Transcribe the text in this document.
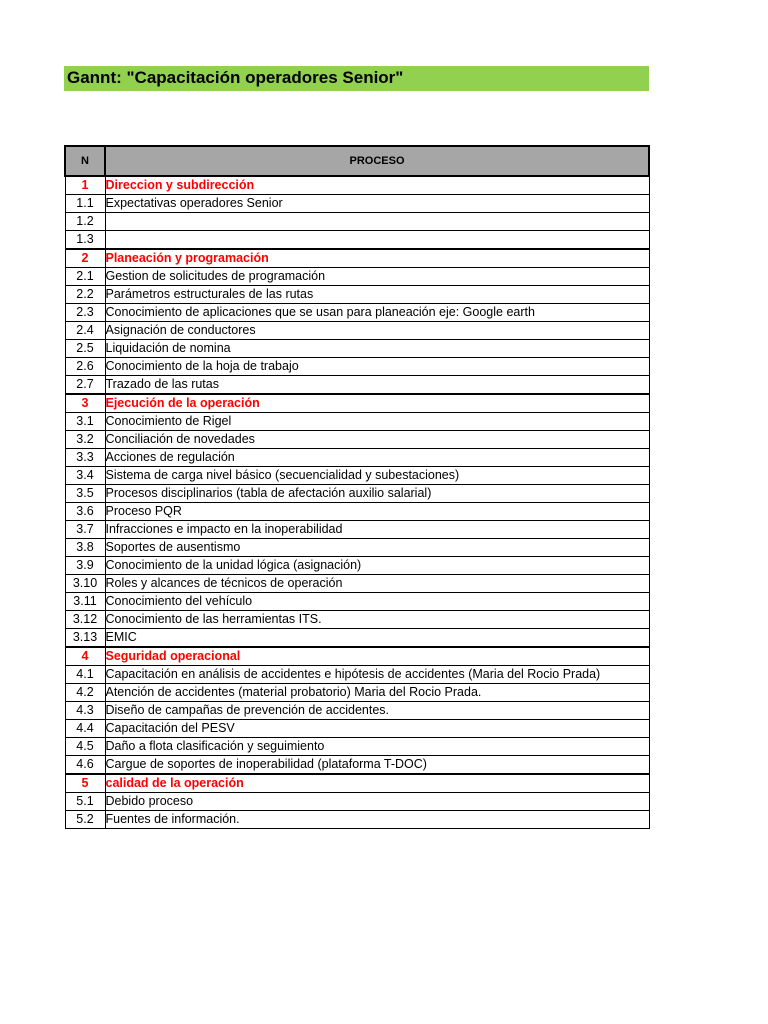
Gannt: "Capacitación operadores Senior"
N	PROCESO
1	Direccion y subdirección
1.1	Expectativas operadores Senior
1.2	
1.3	
2	Planeación y programación
2.1	Gestion de solicitudes de programación
2.2	Parámetros estructurales de las rutas
2.3	Conocimiento de aplicaciones que se usan para planeación eje: Google earth
2.4	Asignación de conductores
2.5	Liquidación de nomina
2.6	Conocimiento de la hoja de trabajo
2.7	Trazado de las rutas
3	Ejecución de la operación
3.1	Conocimiento de Rigel
3.2	Conciliación de novedades
3.3	Acciones de regulación
3.4	Sistema de carga nivel básico (secuencialidad y subestaciones)
3.5	Procesos disciplinarios (tabla de afectación auxilio salarial)
3.6	Proceso PQR
3.7	Infracciones e impacto en la inoperabilidad
3.8	Soportes de ausentismo
3.9	Conocimiento de la unidad lógica (asignación)
3.10	Roles y alcances de técnicos de operación
3.11	Conocimiento del vehículo
3.12	Conocimiento de las herramientas ITS.
3.13	EMIC
4	Seguridad operacional
4.1	Capacitación en análisis de accidentes e hipótesis de accidentes (Maria del Rocio Prada)
4.2	Atención de accidentes (material probatorio) Maria del Rocio Prada.
4.3	Diseño de campañas de prevención de accidentes.
4.4	Capacitación del PESV
4.5	Daño a flota clasificación y seguimiento
4.6	Cargue de soportes de inoperabilidad (plataforma T-DOC)
5	calidad de la operación
5.1	Debido proceso
5.2	Fuentes de información.
